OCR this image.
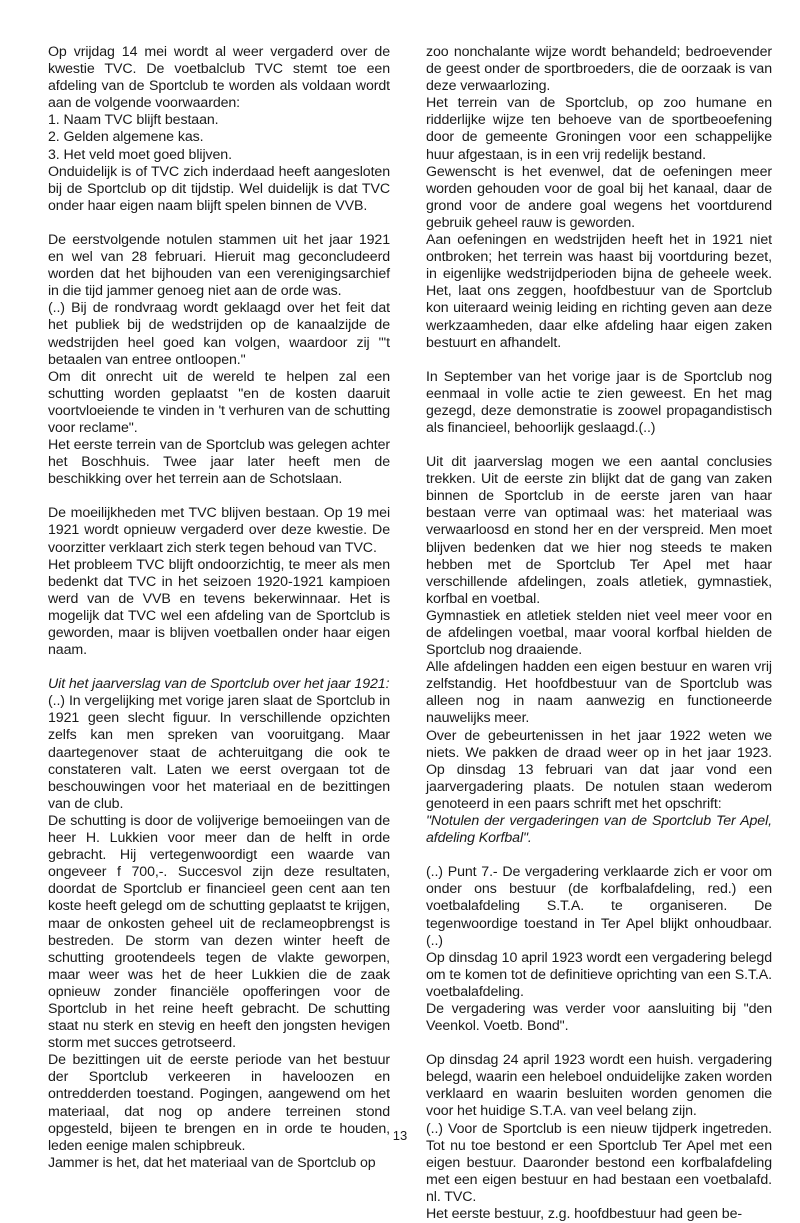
Op vrijdag 14 mei wordt al weer vergaderd over de kwestie TVC. De voetbalclub TVC stemt toe een afdeling van de Sportclub te worden als voldaan wordt aan de volgende voorwaarden:

1. Naam TVC blijft bestaan.

2. Gelden algemene kas.

3. Het veld moet goed blijven.

Onduidelijk is of TVC zich inderdaad heeft aangesloten bij de Sportclub op dit tijdstip. Wel duidelijk is dat TVC onder haar eigen naam blijft spelen binnen de VVB.

De eerstvolgende notulen stammen uit het jaar 1921 en wel van 28 februari. Hieruit mag geconcludeerd worden dat het bijhouden van een verenigingsarchief in die tijd jammer genoeg niet aan de orde was.

(..) Bij de rondvraag wordt geklaagd over het feit dat het publiek bij de wedstrijden op de kanaalzijde de wedstrijden heel goed kan volgen, waardoor zij "'t betaalen van entree ontloopen."

Om dit onrecht uit de wereld te helpen zal een schutting worden geplaatst "en de kosten daaruit voortvloeiende te vinden in 't verhuren van de schutting voor reclame".

Het eerste terrein van de Sportclub was gelegen achter het Boschhuis. Twee jaar later heeft men de beschikking over het terrein aan de Schotslaan.

De moeilijkheden met TVC blijven bestaan. Op 19 mei 1921 wordt opnieuw vergaderd over deze kwestie. De voorzitter verklaart zich sterk tegen behoud van TVC.

Het probleem TVC blijft ondoorzichtig, te meer als men bedenkt dat TVC in het seizoen 1920-1921 kampioen werd van de VVB en tevens bekerwinnaar. Het is mogelijk dat TVC wel een afdeling van de Sportclub is geworden, maar is blijven voetballen onder haar eigen naam.

Uit het jaarverslag van de Sportclub over het jaar 1921:

(..) In vergelijking met vorige jaren slaat de Sportclub in 1921 geen slecht figuur. In verschillende opzichten zelfs kan men spreken van vooruitgang. Maar daartegenover staat de achteruitgang die ook te constateren valt. Laten we eerst overgaan tot de beschouwingen voor het materiaal en de bezittingen van de club.

De schutting is door de volijverige bemoeiingen van de heer H. Lukkien voor meer dan de helft in orde gebracht. Hij vertegenwoordigt een waarde van ongeveer f 700,-. Succesvol zijn deze resultaten, doordat de Sportclub er financieel geen cent aan ten koste heeft gelegd om de schutting geplaatst te krijgen, maar de onkosten geheel uit de reclameopbrengst is bestreden. De storm van dezen winter heeft de schutting grootendeels tegen de vlakte geworpen, maar weer was het de heer Lukkien die de zaak opnieuw zonder financiële opofferingen voor de Sportclub in het reine heeft gebracht. De schutting staat nu sterk en stevig en heeft den jongsten hevigen storm met succes getrotseerd.

De bezittingen uit de eerste periode van het bestuur der Sportclub verkeeren in haveloozen en ontredderden toestand. Pogingen, aangewend om het materiaal, dat nog op andere terreinen stond opgesteld, bijeen te brengen en in orde te houden, leden eenige malen schipbreuk.

Jammer is het, dat het materiaal van de Sportclub op

zoo nonchalante wijze wordt behandeld; bedroevender de geest onder de sportbroeders, die de oorzaak is van deze verwaarlozing.

Het terrein van de Sportclub, op zoo humane en ridderlijke wijze ten behoeve van de sportbeoefening door de gemeente Groningen voor een schappelijke huur afgestaan, is in een vrij redelijk bestand.

Gewenscht is het evenwel, dat de oefeningen meer worden gehouden voor de goal bij het kanaal, daar de grond voor de andere goal wegens het voortdurend gebruik geheel rauw is geworden.

Aan oefeningen en wedstrijden heeft het in 1921 niet ontbroken; het terrein was haast bij voortduring bezet, in eigenlijke wedstrijdperioden bijna de geheele week. Het, laat ons zeggen, hoofdbestuur van de Sportclub kon uiteraard weinig leiding en richting geven aan deze werkzaamheden, daar elke afdeling haar eigen zaken bestuurt en afhandelt.

In September van het vorige jaar is de Sportclub nog eenmaal in volle actie te zien geweest. En het mag gezegd, deze demonstratie is zoowel propagandistisch als financieel, behoorlijk geslaagd.(..)

Uit dit jaarverslag mogen we een aantal conclusies trekken. Uit de eerste zin blijkt dat de gang van zaken binnen de Sportclub in de eerste jaren van haar bestaan verre van optimaal was: het materiaal was verwaarloosd en stond her en der verspreid. Men moet blijven bedenken dat we hier nog steeds te maken hebben met de Sportclub Ter Apel met haar verschillende afdelingen, zoals atletiek, gymnastiek, korfbal en voetbal.

Gymnastiek en atletiek stelden niet veel meer voor en de afdelingen voetbal, maar vooral korfbal hielden de Sportclub nog draaiende.

Alle afdelingen hadden een eigen bestuur en waren vrij zelfstandig. Het hoofdbestuur van de Sportclub was alleen nog in naam aanwezig en functioneerde nauwelijks meer.

Over de gebeurtenissen in het jaar 1922 weten we niets. We pakken de draad weer op in het jaar 1923. Op dinsdag 13 februari van dat jaar vond een jaarvergadering plaats. De notulen staan wederom genoteerd in een paars schrift met het opschrift:

"Notulen der vergaderingen van de Sportclub Ter Apel, afdeling Korfbal".

(..) Punt 7.- De vergadering verklaarde zich er voor om onder ons bestuur (de korfbalafdeling, red.) een voetbalafdeling S.T.A. te organiseren. De tegenwoordige toestand in Ter Apel blijkt onhoudbaar.(..)

Op dinsdag 10 april 1923 wordt een vergadering belegd om te komen tot de definitieve oprichting van een S.T.A. voetbalafdeling.

De vergadering was verder voor aansluiting bij "den Veenkol. Voetb. Bond".

Op dinsdag 24 april 1923 wordt een huish. vergadering belegd, waarin een heleboel onduidelijke zaken worden verklaard en waarin besluiten worden genomen die voor het huidige S.T.A. van veel belang zijn.

(..) Voor de Sportclub is een nieuw tijdperk ingetreden. Tot nu toe bestond er een Sportclub Ter Apel met een eigen bestuur. Daaronder bestond een korfbalafdeling met een eigen bestuur en had bestaan een voetbalafd. nl. TVC.

Het eerste bestuur, z.g. hoofdbestuur had geen be-

13
